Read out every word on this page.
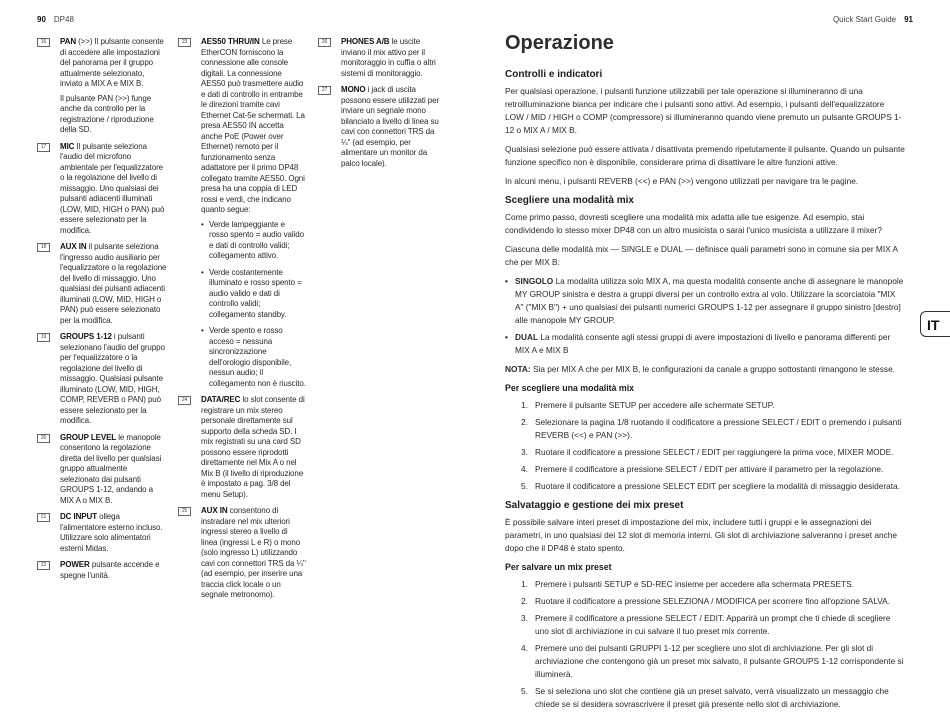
90 DP48	Quick Start Guide 91
16	PAN (>>) Il pulsante consente di accedere alle impostazioni del panorama per il gruppo attualmente selezionato, inviato a MIX A e MIX B.

Il pulsante PAN (>>) funge anche da controllo per la registrazione / riproduzione della SD.

17	MIC Il pulsante seleziona l'audio del microfono ambientale per l'equalizzatore o la regolazione del livello di missaggio. Uno qualsiasi dei pulsanti adiacenti illuminati (LOW, MID, HIGH o PAN) può essere selezionato per la modifica.

18	AUX IN il pulsante seleziona l'ingresso audio ausiliario per l'equalizzatore o la regolazione del livello di missaggio. Uno qualsiasi dei pulsanti adiacenti illuminati (LOW, MID, HIGH o PAN) può essere selezionato per la modifica.

19	GROUPS 1-12 i pulsanti selezionano l'audio del gruppo per l'equalizzatore o la regolazione del livello di missaggio. Qualsiasi pulsante illuminato (LOW, MID, HIGH, COMP, REVERB o PAN) può essere selezionato per la modifica.

20	GROUP LEVEL le manopole consentono la regolazione diretta del livello per qualsiasi gruppo attualmente selezionato dai pulsanti GROUPS 1-12, andando a MIX A o MIX B.

21	DC INPUT ollega l'alimentatore esterno incluso. Utilizzare solo alimentatori esterni Midas.

22	POWER pulsante accende e spegne l'unità.

23	AES50 THRU/IN Le prese EtherCON forniscono la connessione alle console digitali. La connessione AES50 può trasmettere audio e dati di controllo in entrambe le direzioni tramite cavi Ethernet Cat-5e schermati. La presa AES50 IN accetta anche PoE (Power over Ethernet) remoto per il funzionamento senza adattatore per il primo DP48 collegato tramite AES50. Ogni presa ha una coppia di LED rossi e verdi, che indicano quanto segue:

• Verde lampeggiante e rosso spento = audio valido e dati di controllo validi; collegamento attivo.
• Verde costantemente illuminato e rosso spento = audio valido e dati di controllo validi; collegamento standby.
• Verde spento e rosso acceso = nessuna sincronizzazione dell'orologio disponibile, nessun audio; il collegamento non è riuscito.
24	DATA/REC lo slot consente di registrare un mix stereo personale direttamente sul supporto della scheda SD. I mix registrati su una card SD possono essere riprodotti direttamente nel Mix A o nel Mix B (il livello di riproduzione è impostato a pag. 3/8 del menu Setup).

25	AUX IN consentono di instradare nel mix ulteriori ingressi stereo a livello di linea (ingressi L e R) o mono (solo ingresso L) utilizzando cavi con connettori TRS da ¼" (ad esempio, per inserire una traccia click locale o un segnale metronomo).

26	PHONES A/B le uscite inviano il mix attivo per il monitoraggio in cuffia o altri sistemi di monitoraggio.

27	MONO i jack di uscita possono essere utilizzati per inviare un segnale mono bilanciato a livello di linea su cavi con connettori TRS da ¼" (ad esempio, per alimentare un monitor da palco locale).

Operazione
Controlli e indicatori

Per qualsiasi operazione, i pulsanti funzione utilizzabili per tale operazione si illumineranno di una retroilluminazione bianca per indicare che i pulsanti sono attivi. Ad esempio, i pulsanti dell'equalizzatore LOW / MID / HIGH o COMP (compressore) si illumineranno quando viene premuto un pulsante GROUPS 1-12 o MIX A / MIX B.

Qualsiasi selezione può essere attivata / disattivata premendo ripetutamente il pulsante. Quando un pulsante funzione specifico non è disponibile, considerare prima di disattivare le altre funzioni attive.

In alcuni menu, i pulsanti REVERB (<<) e PAN (>>) vengono utilizzati per navigare tra le pagine.

Scegliere una modalità mix

Come primo passo, dovresti scegliere una modalità mix adatta alle tue esigenze. Ad esempio, stai condividendo lo stesso mixer DP48 con un altro musicista o sarai l'unico musicista a utilizzare il mixer?

Ciascuna delle modalità mix — SINGLE e DUAL — definisce quali parametri sono in comune sia per MIX A che per MIX B:

• SINGOLO La modalità utilizza solo MIX A, ma questa modalità consente anche di assegnare le manopole MY GROUP sinistra e destra a gruppi diversi per un controllo extra al volo. Utilizzare la scorciatoia "MIX A" ("MIX B") + uno qualsiasi dei pulsanti numerici GROUPS 1-12 per assegnare il gruppo sinistro [destro] alle manopole MY GROUP.
• DUAL La modalità consente agli stessi gruppi di avere impostazioni di livello e panorama differenti per MIX A e MIX B

NOTA: Sia per MIX A che per MIX B, le configurazioni da canale a gruppo sottostanti rimangono le stesse.

Per scegliere una modalità mix
1. Premere il pulsante SETUP per accedere alle schermate SETUP.
2. Selezionare la pagina 1/8 ruotando il codificatore a pressione SELECT / EDIT o premendo i pulsanti REVERB (<<) e PAN (>>).
3. Ruotare il codificatore a pressione SELECT / EDIT per raggiungere la prima voce, MIXER MODE.
4. Premere il codificatore a pressione SELECT / EDIT per attivare il parametro per la regolazione.
5. Ruotare il codificatore a pressione SELECT EDIT per scegliere la modalità di missaggio desiderata.
Salvataggio e gestione dei mix preset

È possibile salvare interi preset di impostazione del mix, includere tutti i gruppi e le assegnazioni dei parametri, in uno qualsiasi dei 12 slot di memoria interni. Gli slot di archiviazione salveranno i preset anche dopo che il DP48 è stato spento.

Per salvare un mix preset
1. Premere i pulsanti SETUP e SD-REC insieme per accedere alla schermata PRESETS.
2. Ruotare il codificatore a pressione SELEZIONA / MODIFICA per scorrere fino all'opzione SALVA.
3. Premere il codificatore a pressione SELECT / EDIT. Apparirà un prompt che ti chiede di scegliere uno slot di archiviazione in cui salvare il tuo preset mix corrente.
4. Premere uno dei pulsanti GRUPPI 1-12 per scegliere uno slot di archiviazione. Per gli slot di archiviazione che contengono già un preset mix salvato, il pulsante GROUPS 1-12 corrispondente si illuminerà.
5. Se si seleziona uno slot che contiene già un preset salvato, verrà visualizzato un messaggio che chiede se si desidera sovrascrivere il preset già presente nello slot di archiviazione.
IT
